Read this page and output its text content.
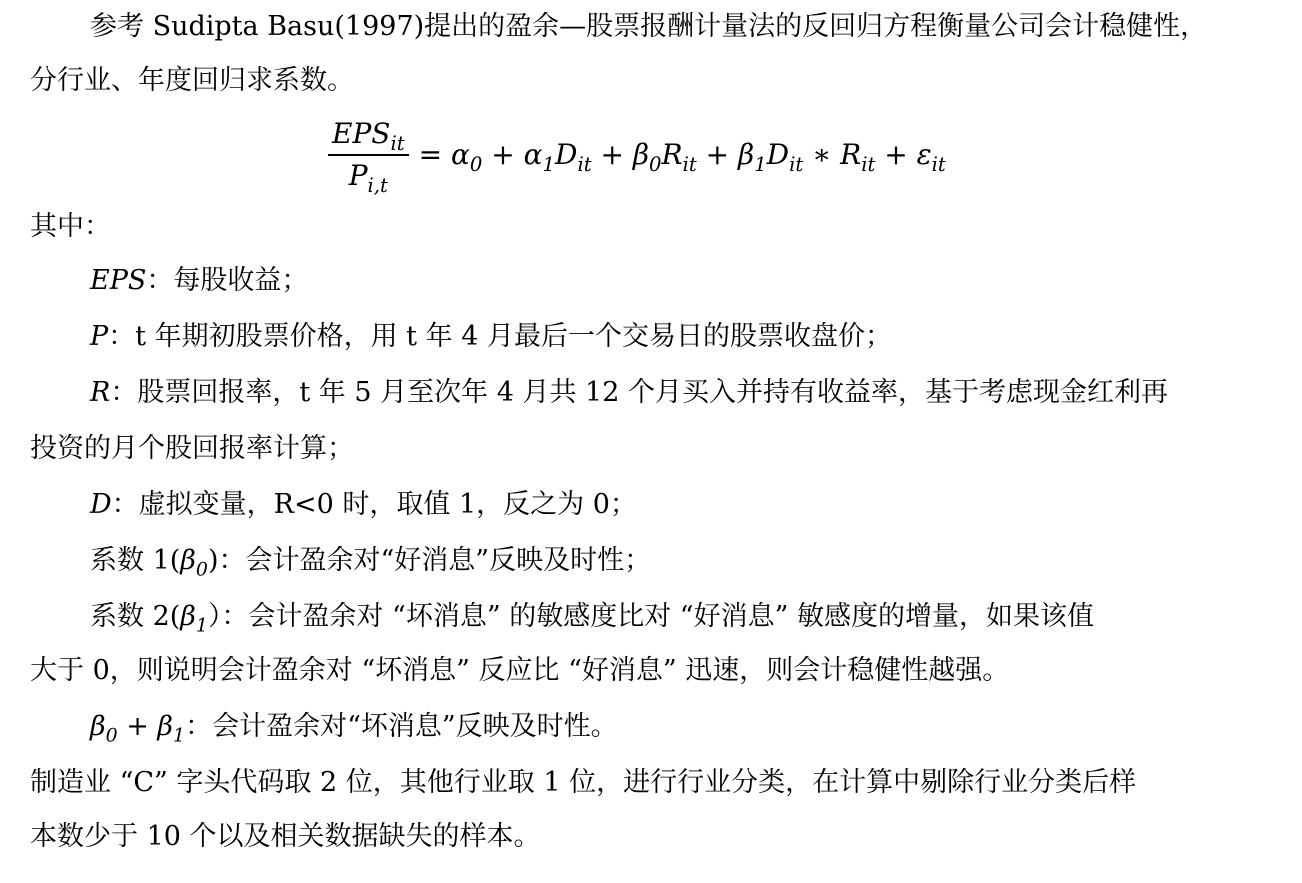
参考 Sudipta Basu(1997)提出的盈余—股票报酬计量法的反回归方程衡量公司会计稳健性，
分行业、年度回归求系数。
$\frac{EPS_{it}}{P_{i,t}} = \alpha_0 + \alpha_1D_{it} + \beta_0R_{it} + \beta_1D_{it}$ ∗ $R_{it} + \varepsilon_{it}$
其中：
EPS：每股收益；
P：t 年期初股票价格，用 t 年 4 月最后一个交易日的股票收盘价；
R：股票回报率，t 年 5 月至次年 4 月共 12 个月买入并持有收益率，基于考虑现金红利再
投资的月个股回报率计算；
D：虚拟变量，R<0 时，取值 1，反之为 0；
系数 $1(\beta_0)$：会计盈余对“好消息”反映及时性；
系数 $2(\beta_1)$：会计盈余对 “坏消息” 的敏感度比对 “好消息” 敏感度的增量，如果该值
大于 0，则说明会计盈余对 “坏消息” 反应比 “好消息” 迅速，则会计稳健性越强。
$\beta_0 + \beta_1$：会计盈余对“坏消息”反映及时性。
制造业 “C” 字头代码取 2 位，其他行业取 1 位，进行行业分类，在计算中剔除行业分类后样
本数少于 10 个以及相关数据缺失的样本。
